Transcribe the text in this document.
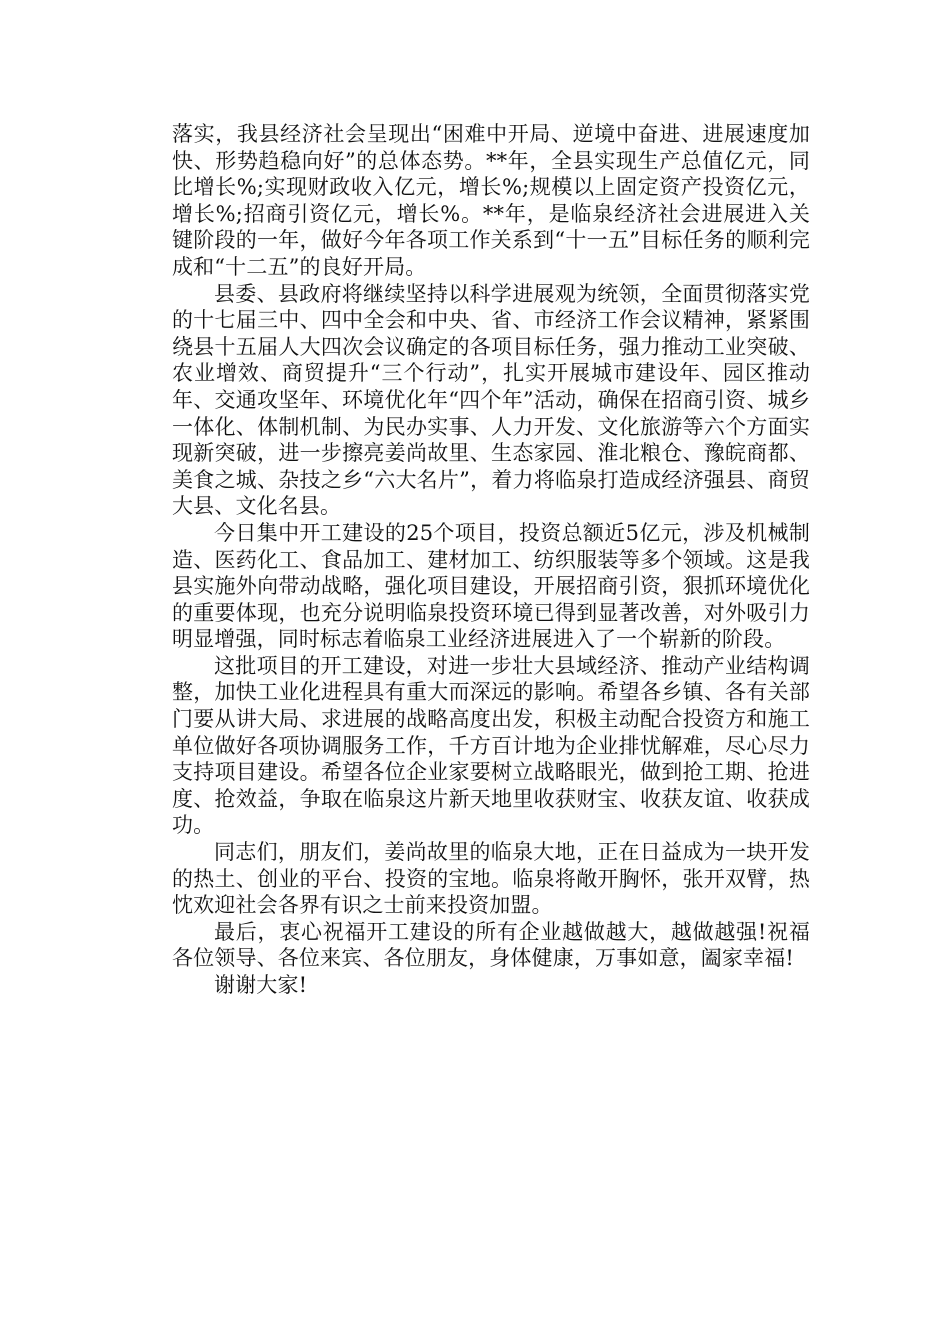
落实，我县经济社会呈现出“困难中开局、逆境中奋进、进展速度加快、形势趋稳向好”的总体态势。**年，全县实现生产总值亿元，同比增长%;实现财政收入亿元，增长%;规模以上固定资产投资亿元，增长%;招商引资亿元，增长%。**年，是临泉经济社会进展进入关键阶段的一年，做好今年各项工作关系到“十一五”目标任务的顺利完成和“十二五”的良好开局。

县委、县政府将继续坚持以科学进展观为统领，全面贯彻落实党的十七届三中、四中全会和中央、省、市经济工作会议精神，紧紧围绕县十五届人大四次会议确定的各项目标任务，强力推动工业突破、农业增效、商贸提升“三个行动”，扎实开展城市建设年、园区推动年、交通攻坚年、环境优化年“四个年”活动，确保在招商引资、城乡一体化、体制机制、为民办实事、人力开发、文化旅游等六个方面实现新突破，进一步擦亮姜尚故里、生态家园、淮北粮仓、豫皖商都、美食之城、杂技之乡“六大名片”，着力将临泉打造成经济强县、商贸大县、文化名县。

今日集中开工建设的25个项目，投资总额近5亿元，涉及机械制造、医药化工、食品加工、建材加工、纺织服装等多个领域。这是我县实施外向带动战略，强化项目建设，开展招商引资，狠抓环境优化的重要体现，也充分说明临泉投资环境已得到显著改善，对外吸引力明显增强，同时标志着临泉工业经济进展进入了一个崭新的阶段。

这批项目的开工建设，对进一步壮大县域经济、推动产业结构调整，加快工业化进程具有重大而深远的影响。希望各乡镇、各有关部门要从讲大局、求进展的战略高度出发，积极主动配合投资方和施工单位做好各项协调服务工作，千方百计地为企业排忧解难，尽心尽力支持项目建设。希望各位企业家要树立战略眼光，做到抢工期、抢进度、抢效益，争取在临泉这片新天地里收获财宝、收获友谊、收获成功。

同志们，朋友们，姜尚故里的临泉大地，正在日益成为一块开发的热土、创业的平台、投资的宝地。临泉将敞开胸怀，张开双臂，热忱欢迎社会各界有识之士前来投资加盟。

最后，衷心祝福开工建设的所有企业越做越大，越做越强!祝福各位领导、各位来宾、各位朋友，身体健康，万事如意，阖家幸福!

谢谢大家!
